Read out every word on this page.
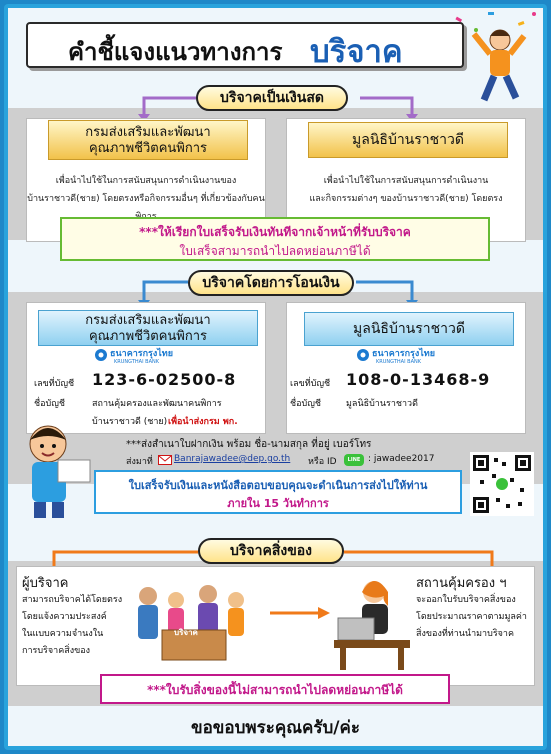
คำชี้แจงแนวทางการ บริจาค
บริจาคเป็นเงินสด
กรมส่งเสริมและพัฒนา
คุณภาพชีวิตคนพิการ
มูลนิธิบ้านราชาวดี
เพื่อนำไปใช้ในการสนับสนุนการดำเนินงานของ
บ้านราชาวดี(ชาย) โดยตรงหรือกิจกรรมอื่นๆ ที่เกี่ยวข้องกับคน
เพื่อนำไปใช้ในการสนับสนุนการดำเนินงาน
และกิจกรรมต่างๆ ของบ้านราชาวดี(ชาย) โดยตรง
***ให้เรียกใบเสร็จรับเงินทันทีจากเจ้าหน้าที่รับบริจาค
ใบเสร็จสามารถนำไปลดหย่อนภาษีได้
บริจาคโดยการโอนเงิน
กรมส่งเสริมและพัฒนา
คุณภาพชีวิตคนพิการ	มูลนิธิบ้านราชาวดี
ธนาคารกรุงไทย
KRUNGTHAI BANK
ธนาคารกรุงไทย
KRUNGTHAI BANK
เลขที่บัญชี 123-6-02500-8
ชื่อบัญชี	สถานคุ้มครองและพัฒนาคนพิการ
บ้านราชาวดี (ชาย) เพื่อนำส่งกรม พก.
เลขที่บัญชี 108-0-13468-9
ชื่อบัญชี	มูลนิธิบ้านราชาวดี
***ส่งสำเนาใบฝากเงิน พร้อม ชื่อ-นามสกุล ที่อยู่ เบอร์โทร
ส่งมาที่ Banrajawadee@dep.go.th หรือ ID	LINE : jawadee2017
ใบเสร็จรับเงินและหนังสือตอบขอบคุณจะดำเนินการส่งไปให้ท่าน
ภายใน 15 วันทำการ
บริจาคสิ่งของ
ผู้บริจาค
สามารถบริจาคได้โดยตรง
โดยแจ้งความประสงค์
ในแบบความจำนงใน
การบริจาคสิ่งของ
บริจาค
สถานคุ้มครอง ฯ
จะออกใบรับบริจาคสิ่งของ
โดยประมาณราคาตามมูลค่า
สิ่งของที่ท่านนำมาบริจาค
***ใบรับสิ่งของนี้ไม่สามารถนำไปลดหย่อนภาษีได้
ขอขอบพระคุณครับ/ค่ะ
